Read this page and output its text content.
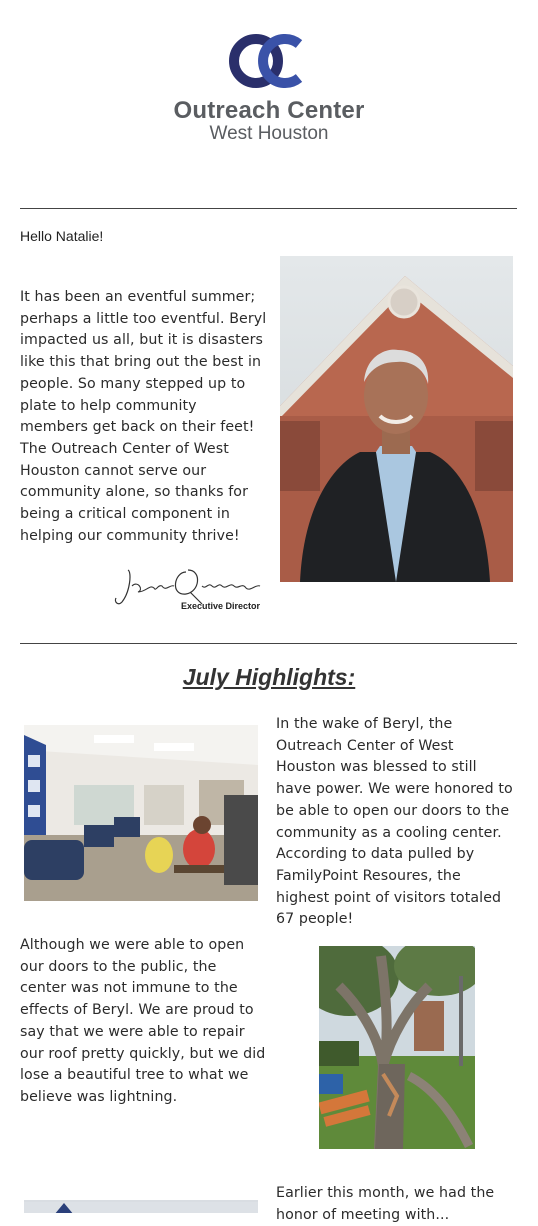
Outreach Center
West Houston
Hello Natalie!
It has been an eventful summer; perhaps a little too eventful. Beryl impacted us all, but it is disasters like this that bring out the best in people. So many stepped up to plate to help community members get back on their feet! The Outreach Center of West Houston cannot serve our community alone, so thanks for being a critical component in helping our community thrive!
Executive Director
July Highlights:
In the wake of Beryl, the Outreach Center of West Houston was blessed to still have power. We were honored to be able to open our doors to the community as a cooling center. According to data pulled by FamilyPoint Resoures, the highest point of visitors totaled 67 people!
Although we were able to open our doors to the public, the center was not immune to the effects of Beryl. We are proud to say that we were able to repair our roof pretty quickly, but we did lose a beautiful tree to what we believe was lightning.
Earlier this month, we had the honor of meeting with...
